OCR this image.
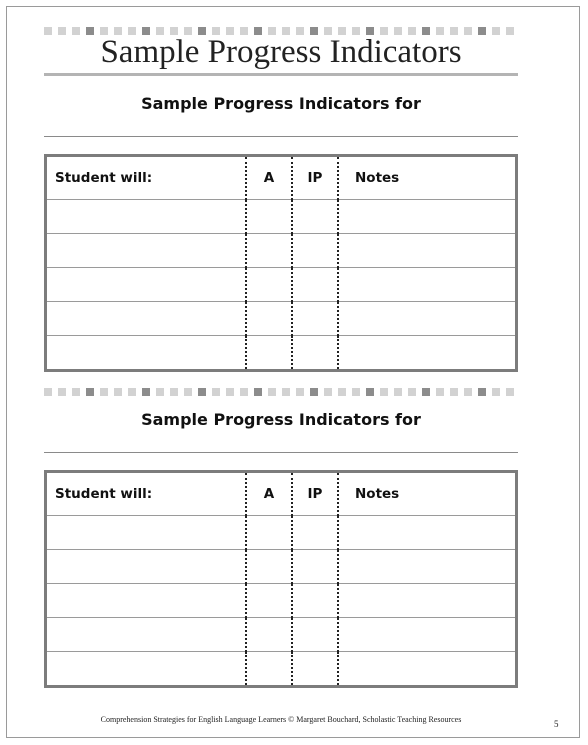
Sample Progress Indicators
Sample Progress Indicators for
Student will:	A	IP	Notes

Sample Progress Indicators for
Student will:	A	IP	Notes

Comprehension Strategies for English Language Learners © Margaret Bouchard, Scholastic Teaching Resources	5
